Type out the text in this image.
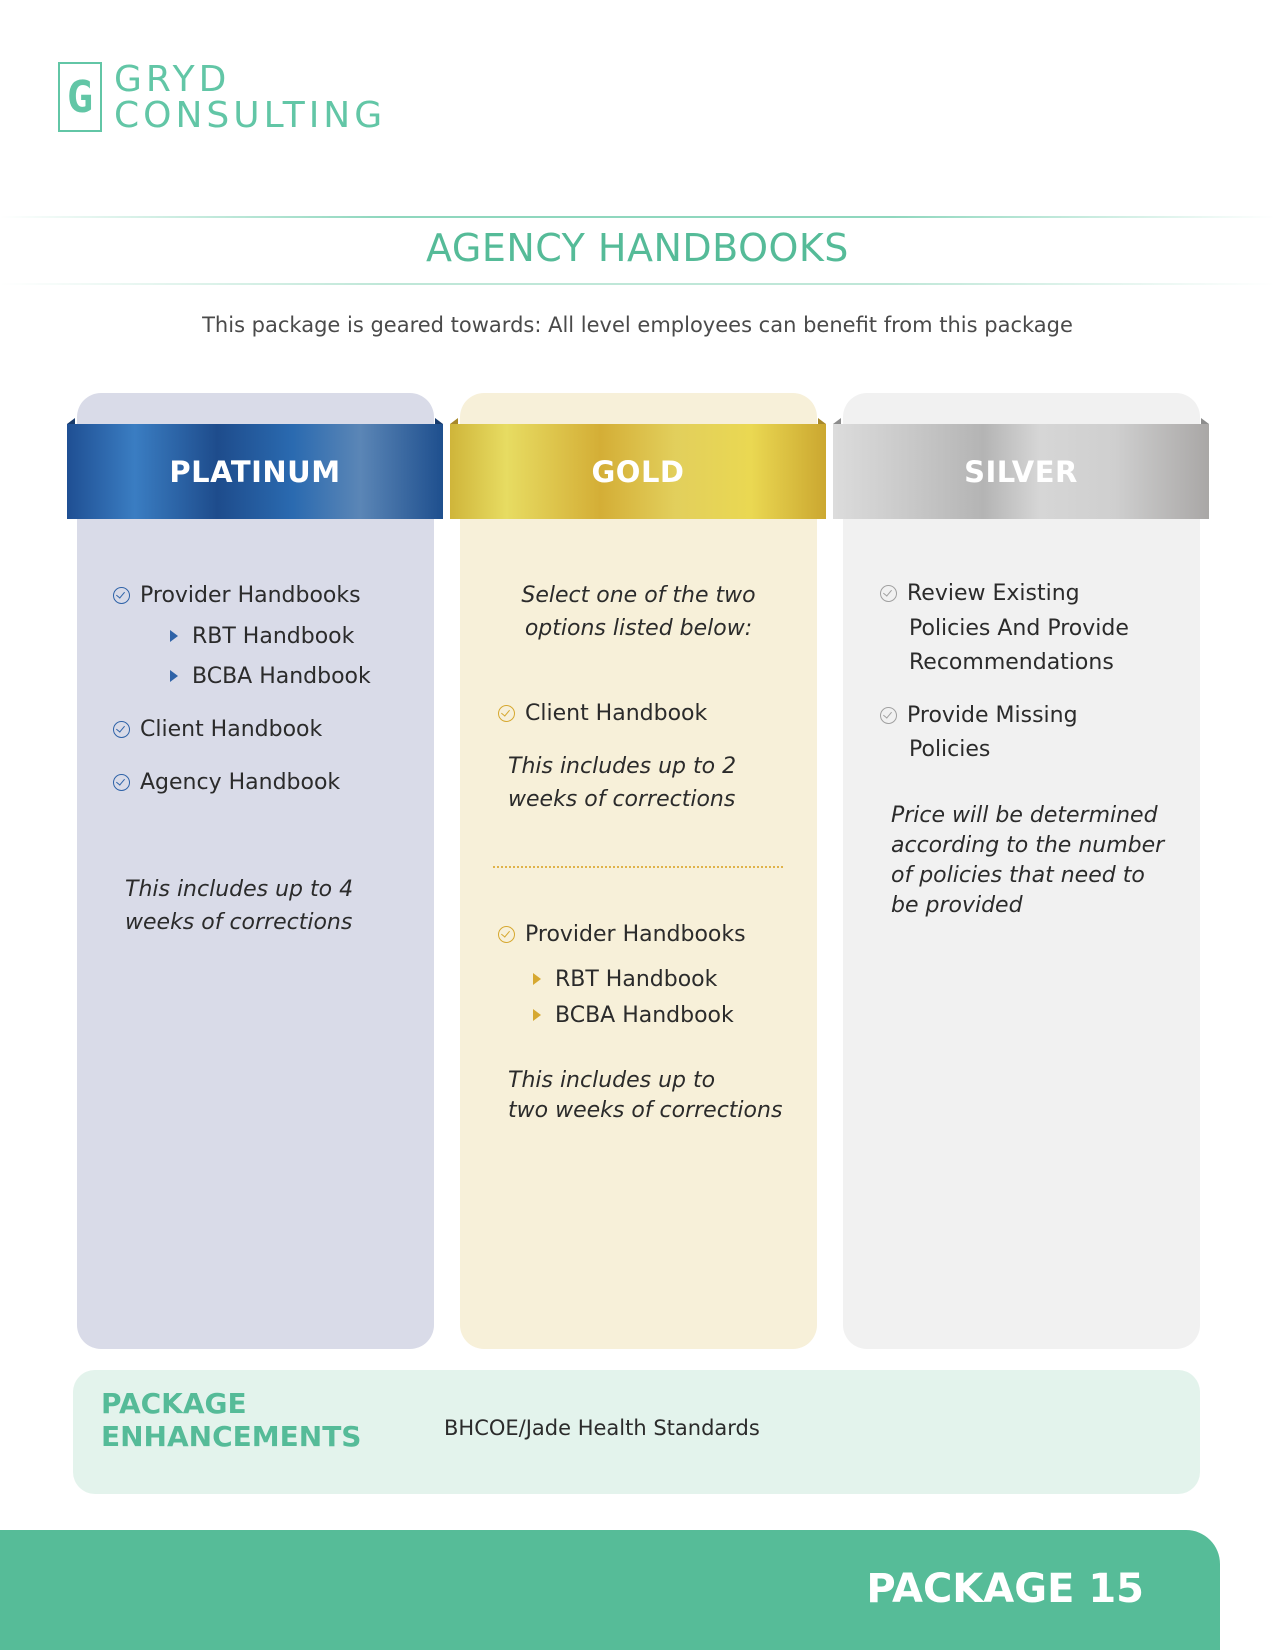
G GRYD
CONSULTING
AGENCY HANDBOOKS
This package is geared towards: All level employees can benefit from this package
PLATINUM	GOLD	SILVER
Provider Handbooks
RBT Handbook
BCBA Handbook
Client Handbook
Agency Handbook
This includes up to 4
weeks of corrections
Select one of the two
options listed below:
Client Handbook
This includes up to 2
weeks of corrections
Provider Handbooks
RBT Handbook
BCBA Handbook
This includes up to
two weeks of corrections
Review Existing
Policies And Provide
Recommendations
Provide Missing
Policies
Price will be determined
according to the number
of policies that need to
be provided
PACKAGE
ENHANCEMENTS	BHCOE/Jade Health Standards
PACKAGE 15
